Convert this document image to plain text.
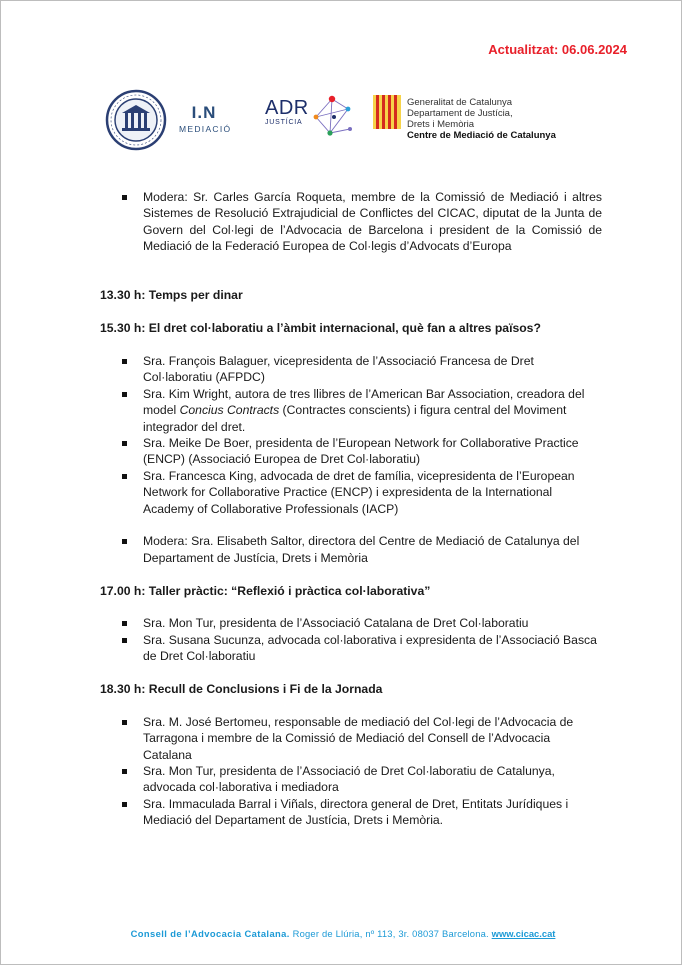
Actualitzat: 06.06.2024
I.N
MEDIACIÓ
ADR
JUSTÍCIA
Generalitat de Catalunya
Departament de Justícia,
Drets i Memòria
Centre de Mediació de Catalunya
Modera: Sr. Carles García Roqueta, membre de la Comissió de Mediació i altres Sistemes de Resolució Extrajudicial de Conflictes del CICAC, diputat de la Junta de Govern del Col·legi de l’Advocacia de Barcelona i president de la Comissió de Mediació de la Federació Europea de Col·legis d’Advocats d’Europa
13.30 h: Temps per dinar
15.30 h: El dret col·laboratiu a l’àmbit internacional, què fan a altres països?
Sra. François Balaguer, vicepresidenta de l’Associació Francesa de Dret Col·laboratiu (AFPDC)
Sra. Kim Wright, autora de tres llibres de l’American Bar Association, creadora del model Concius Contracts (Contractes conscients) i figura central del Moviment integrador del dret.
Sra. Meike De Boer, presidenta de l’European Network for Collaborative Practice (ENCP) (Associació Europea de Dret Col·laboratiu)
Sra. Francesca King, advocada de dret de família, vicepresidenta de l’European Network for Collaborative Practice (ENCP) i expresidenta de la International Academy of Collaborative Professionals (IACP)
Modera: Sra. Elisabeth Saltor, directora del Centre de Mediació de Catalunya del Departament de Justícia, Drets i Memòria
17.00 h: Taller pràctic: “Reflexió i pràctica col·laborativa”
Sra. Mon Tur, presidenta de l’Associació Catalana de Dret Col·laboratiu
Sra. Susana Sucunza, advocada col·laborativa i expresidenta de l’Associació Basca de Dret Col·laboratiu
18.30 h: Recull de Conclusions i Fi de la Jornada
Sra. M. José Bertomeu, responsable de mediació del Col·legi de l’Advocacia de Tarragona i membre de la Comissió de Mediació del Consell de l’Advocacia Catalana
Sra. Mon Tur, presidenta de l’Associació de Dret Col·laboratiu de Catalunya, advocada col·laborativa i mediadora
Sra. Immaculada Barral i Viñals, directora general de Dret, Entitats Jurídiques i Mediació del Departament de Justícia, Drets i Memòria.
Consell de l’Advocacia Catalana. Roger de Llúria, nº 113, 3r. 08037 Barcelona. www.cicac.cat
